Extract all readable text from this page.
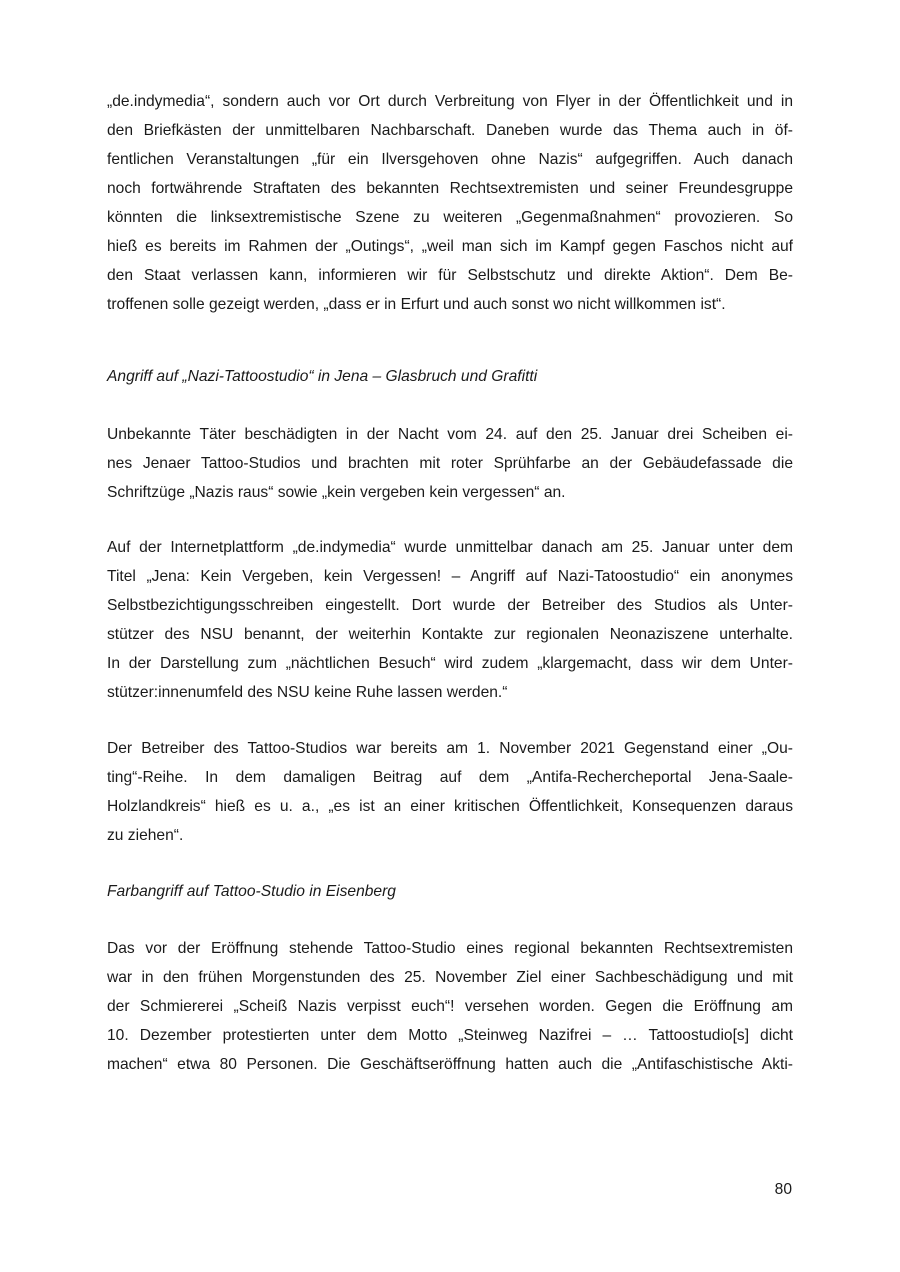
„de.indymedia“, sondern auch vor Ort durch Verbreitung von Flyer in der Öffentlichkeit und in
den Briefkästen der unmittelbaren Nachbarschaft. Daneben wurde das Thema auch in öf-
fentlichen Veranstaltungen „für ein Ilversgehoven ohne Nazis“ aufgegriffen. Auch danach
noch fortwährende Straftaten des bekannten Rechtsextremisten und seiner Freundesgruppe
könnten die linksextremistische Szene zu weiteren „Gegenmaßnahmen“ provozieren. So
hieß es bereits im Rahmen der „Outings“, „weil man sich im Kampf gegen Faschos nicht auf
den Staat verlassen kann, informieren wir für Selbstschutz und direkte Aktion“. Dem Be-
troffenen solle gezeigt werden, „dass er in Erfurt und auch sonst wo nicht willkommen ist“.
Angriff auf „Nazi-Tattoostudio“ in Jena – Glasbruch und Grafitti
Unbekannte Täter beschädigten in der Nacht vom 24. auf den 25. Januar drei Scheiben ei-
nes Jenaer Tattoo-Studios und brachten mit roter Sprühfarbe an der Gebäudefassade die
Schriftzüge „Nazis raus“ sowie „kein vergeben kein vergessen“ an.
Auf der Internetplattform „de.indymedia“ wurde unmittelbar danach am 25. Januar unter dem
Titel „Jena: Kein Vergeben, kein Vergessen! – Angriff auf Nazi-Tatoostudio“ ein anonymes
Selbstbezichtigungsschreiben eingestellt. Dort wurde der Betreiber des Studios als Unter-
stützer des NSU benannt, der weiterhin Kontakte zur regionalen Neonaziszene unterhalte.
In der Darstellung zum „nächtlichen Besuch“ wird zudem „klargemacht, dass wir dem Unter-
stützer:innenumfeld des NSU keine Ruhe lassen werden.“
Der Betreiber des Tattoo-Studios war bereits am 1. November 2021 Gegenstand einer „Ou-
ting“-Reihe. In dem damaligen Beitrag auf dem „Antifa-Rechercheportal Jena-Saale-
Holzlandkreis“ hieß es u. a., „es ist an einer kritischen Öffentlichkeit, Konsequenzen daraus
zu ziehen“.
Farbangriff auf Tattoo-Studio in Eisenberg
Das vor der Eröffnung stehende Tattoo-Studio eines regional bekannten Rechtsextremisten
war in den frühen Morgenstunden des 25. November Ziel einer Sachbeschädigung und mit
der Schmiererei „Scheiß Nazis verpisst euch“! versehen worden. Gegen die Eröffnung am
10. Dezember protestierten unter dem Motto „Steinweg Nazifrei – … Tattoostudio[s] dicht
machen“ etwa 80 Personen. Die Geschäftseröffnung hatten auch die „Antifaschistische Akti-
80
